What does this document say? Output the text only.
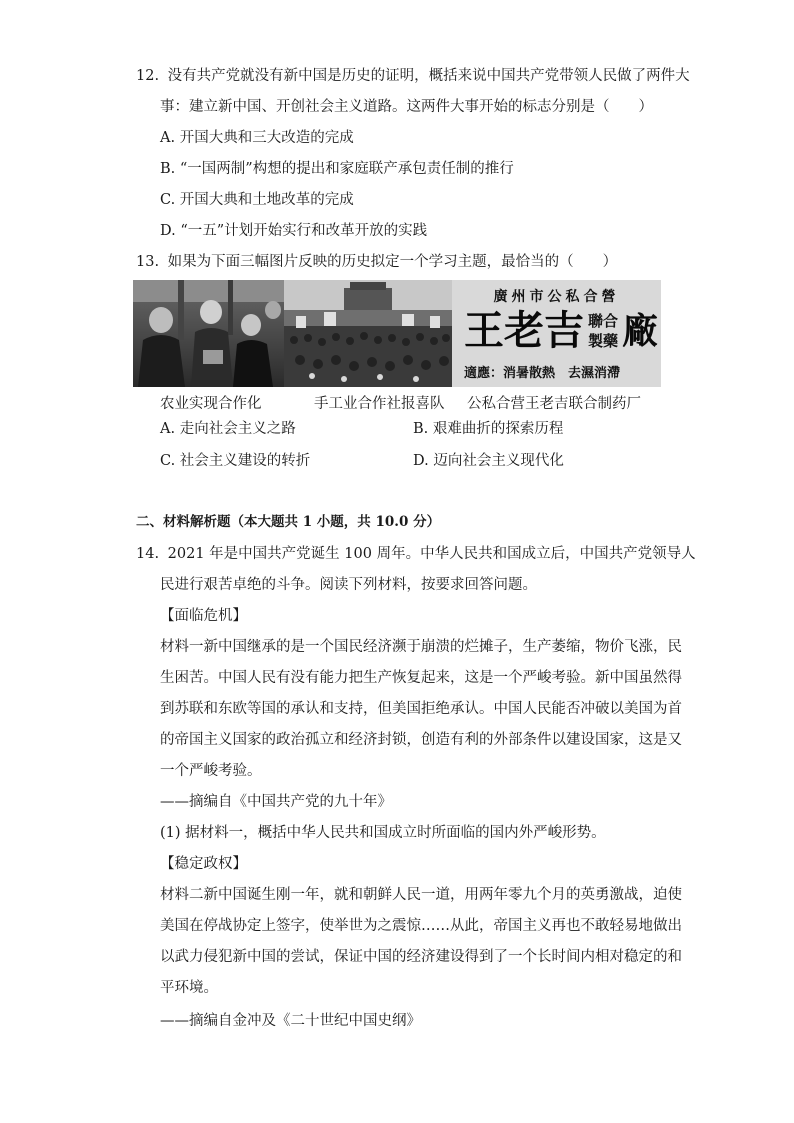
12. 没有共产党就没有新中国是历史的证明，概括来说中国共产党带领人民做了两件大
事：建立新中国、开创社会主义道路。这两件大事开始的标志分别是（　　）
A. 开国大典和三大改造的完成
B. “一国两制”构想的提出和家庭联产承包责任制的推行
C. 开国大典和土地改革的完成
D. “一五”计划开始实行和改革开放的实践
13. 如果为下面三幅图片反映的历史拟定一个学习主题，最恰当的（　　）
廣州市公私合營
王老吉 聯合
製藥 廠
適應：消暑散熱　去濕消滯
农业实现合作化	手工业合作社报喜队 公私合营王老吉联合制药厂
A. 走向社会主义之路	B. 艰难曲折的探索历程
C. 社会主义建设的转折	D. 迈向社会主义现代化
二、材料解析题（本大题共 1 小题，共 10.0 分）
14. 2021 年是中国共产党诞生 100 周年。中华人民共和国成立后，中国共产党领导人
民进行艰苦卓绝的斗争。阅读下列材料，按要求回答问题。
【面临危机】
材料一新中国继承的是一个国民经济濒于崩溃的烂摊子，生产萎缩，物价飞涨，民
生困苦。中国人民有没有能力把生产恢复起来，这是一个严峻考验。新中国虽然得
到苏联和东欧等国的承认和支持，但美国拒绝承认。中国人民能否冲破以美国为首
的帝国主义国家的政治孤立和经济封锁，创造有利的外部条件以建设国家，这是又
一个严峻考验。
——摘编自《中国共产党的九十年》
(1) 据材料一，概括中华人民共和国成立时所面临的国内外严峻形势。
【稳定政权】
材料二新中国诞生刚一年，就和朝鲜人民一道，用两年零九个月的英勇激战，迫使
美国在停战协定上签字，使举世为之震惊……从此，帝国主义再也不敢轻易地做出
以武力侵犯新中国的尝试，保证中国的经济建设得到了一个长时间内相对稳定的和
平环境。
——摘编自金冲及《二十世纪中国史纲》
